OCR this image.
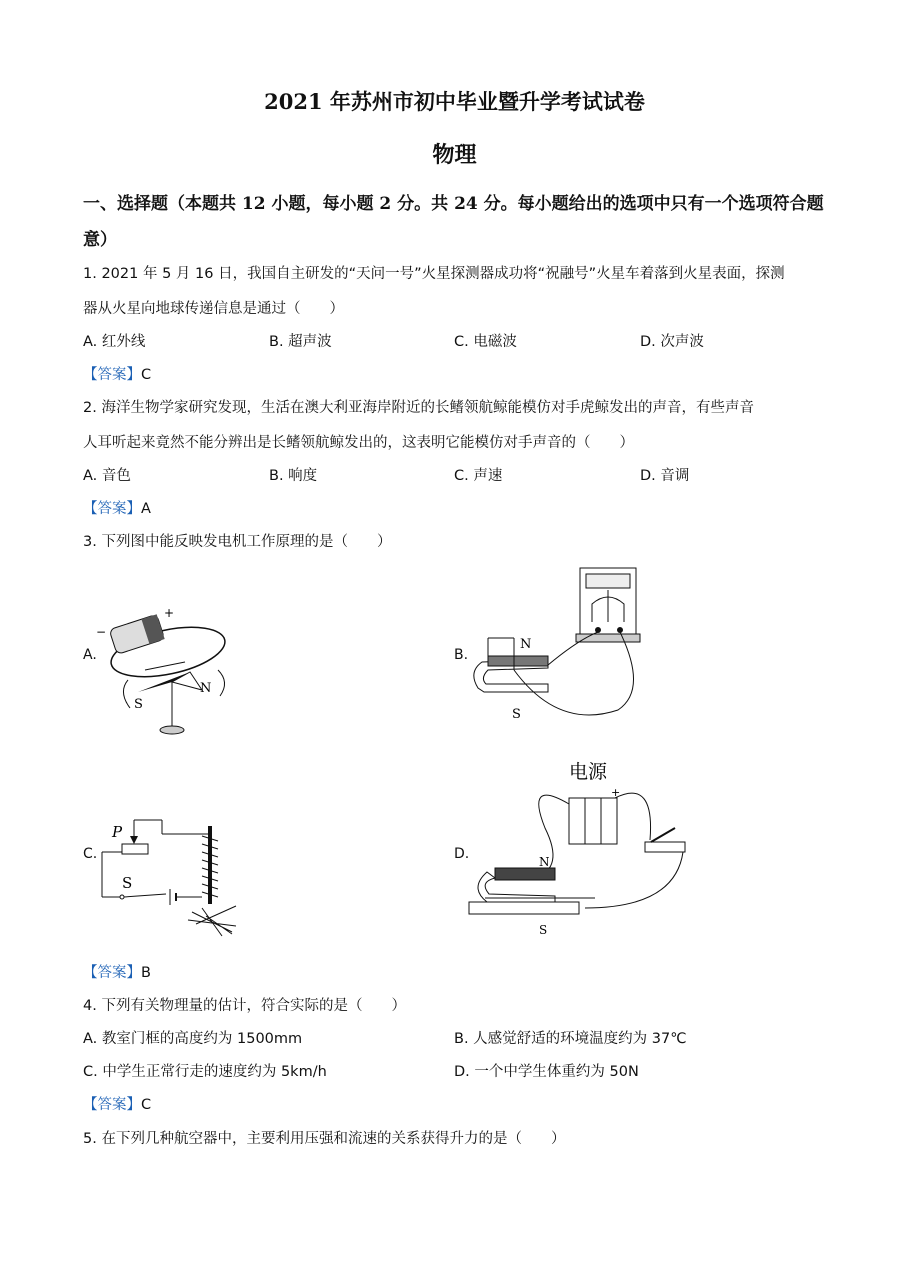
2021 年苏州市初中毕业暨升学考试试卷
物理
一、选择题（本题共 12 小题，每小题 2 分。共 24 分。每小题给出的选项中只有一个选项符合题意）
1. 2021 年 5 月 16 日，我国自主研发的“天问一号”火星探测器成功将“祝融号”火星车着落到火星表面，探测
器从火星向地球传递信息是通过（　　）
A. 红外线	B. 超声波	C. 电磁波	D. 次声波
【答案】C
2. 海洋生物学家研究发现，生活在澳大利亚海岸附近的长鳍领航鲸能模仿对手虎鲸发出的声音，有些声音
人耳听起来竟然不能分辨出是长鳍领航鲸发出的，这表明它能模仿对手声音的（　　）
A. 音色	B. 响度	C. 声速	D. 音调
【答案】A
3. 下列图中能反映发电机工作原理的是（　　）
A.	B.
C.	D.
+
−
N
S
N
S
P
S
电源
+
N
S
【答案】B
4. 下列有关物理量的估计，符合实际的是（　　）
A. 教室门框的高度约为 1500mm	B. 人感觉舒适的环境温度约为 37℃
C. 中学生正常行走的速度约为 5km/h	D. 一个中学生体重约为 50N
【答案】C
5. 在下列几种航空器中，主要利用压强和流速的关系获得升力的是（　　）
